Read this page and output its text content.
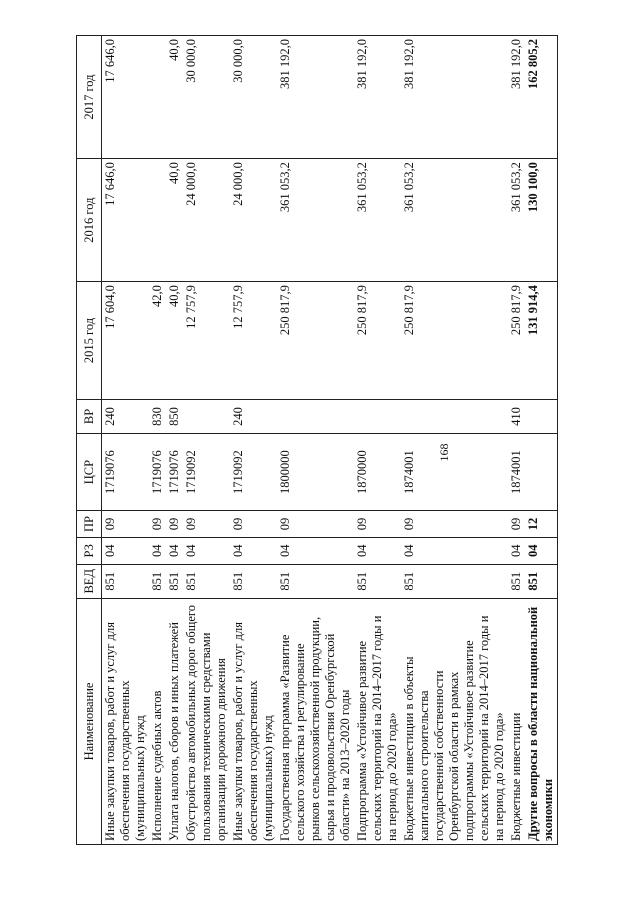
168
Наименование	ВЕД	РЗ	ПР	ЦСР	ВР	2015 год	2016 год	2017 год
Иные закупки товаров, работ и услуг для обеспечения государственных (муниципальных) нужд	851	04	09	1719076	240	17 604,0	17 646,0	17 646,0
Исполнение судебных актов	851	04	09	1719076	830	42,0		
Уплата налогов, сборов и иных платежей	851	04	09	1719076	850	40,0	40,0	40,0
Обустройство автомобильных дорог общего пользования техническими средствами организации дорожного движения	851	04	09	1719092		12 757,9	24 000,0	30 000,0
Иные закупки товаров, работ и услуг для обеспечения государственных (муниципальных) нужд	851	04	09	1719092	240	12 757,9	24 000,0	30 000,0
Государственная программа «Развитие сельского хозяйства и регулирование рынков сельскохозяйственной продукции, сырья и продовольствия Оренбургской области» на 2013–2020 годы	851	04	09	1800000		250 817,9	361 053,2	381 192,0
Подпрограмма «Устойчивое развитие сельских территорий на 2014–2017 годы и на период до 2020 года»	851	04	09	1870000		250 817,9	361 053,2	381 192,0
Бюджетные инвестиции в объекты капитального строительства государственной собственности Оренбургской области в рамках подпрограммы «Устойчивое развитие сельских территорий на 2014–2017 годы и на период до 2020 года»	851	04	09	1874001		250 817,9	361 053,2	381 192,0
Бюджетные инвестиции	851	04	09	1874001	410	250 817,9	361 053,2	381 192,0
Другие вопросы в области национальной экономики	851	04	12			131 914,4	130 100,0	162 805,2
